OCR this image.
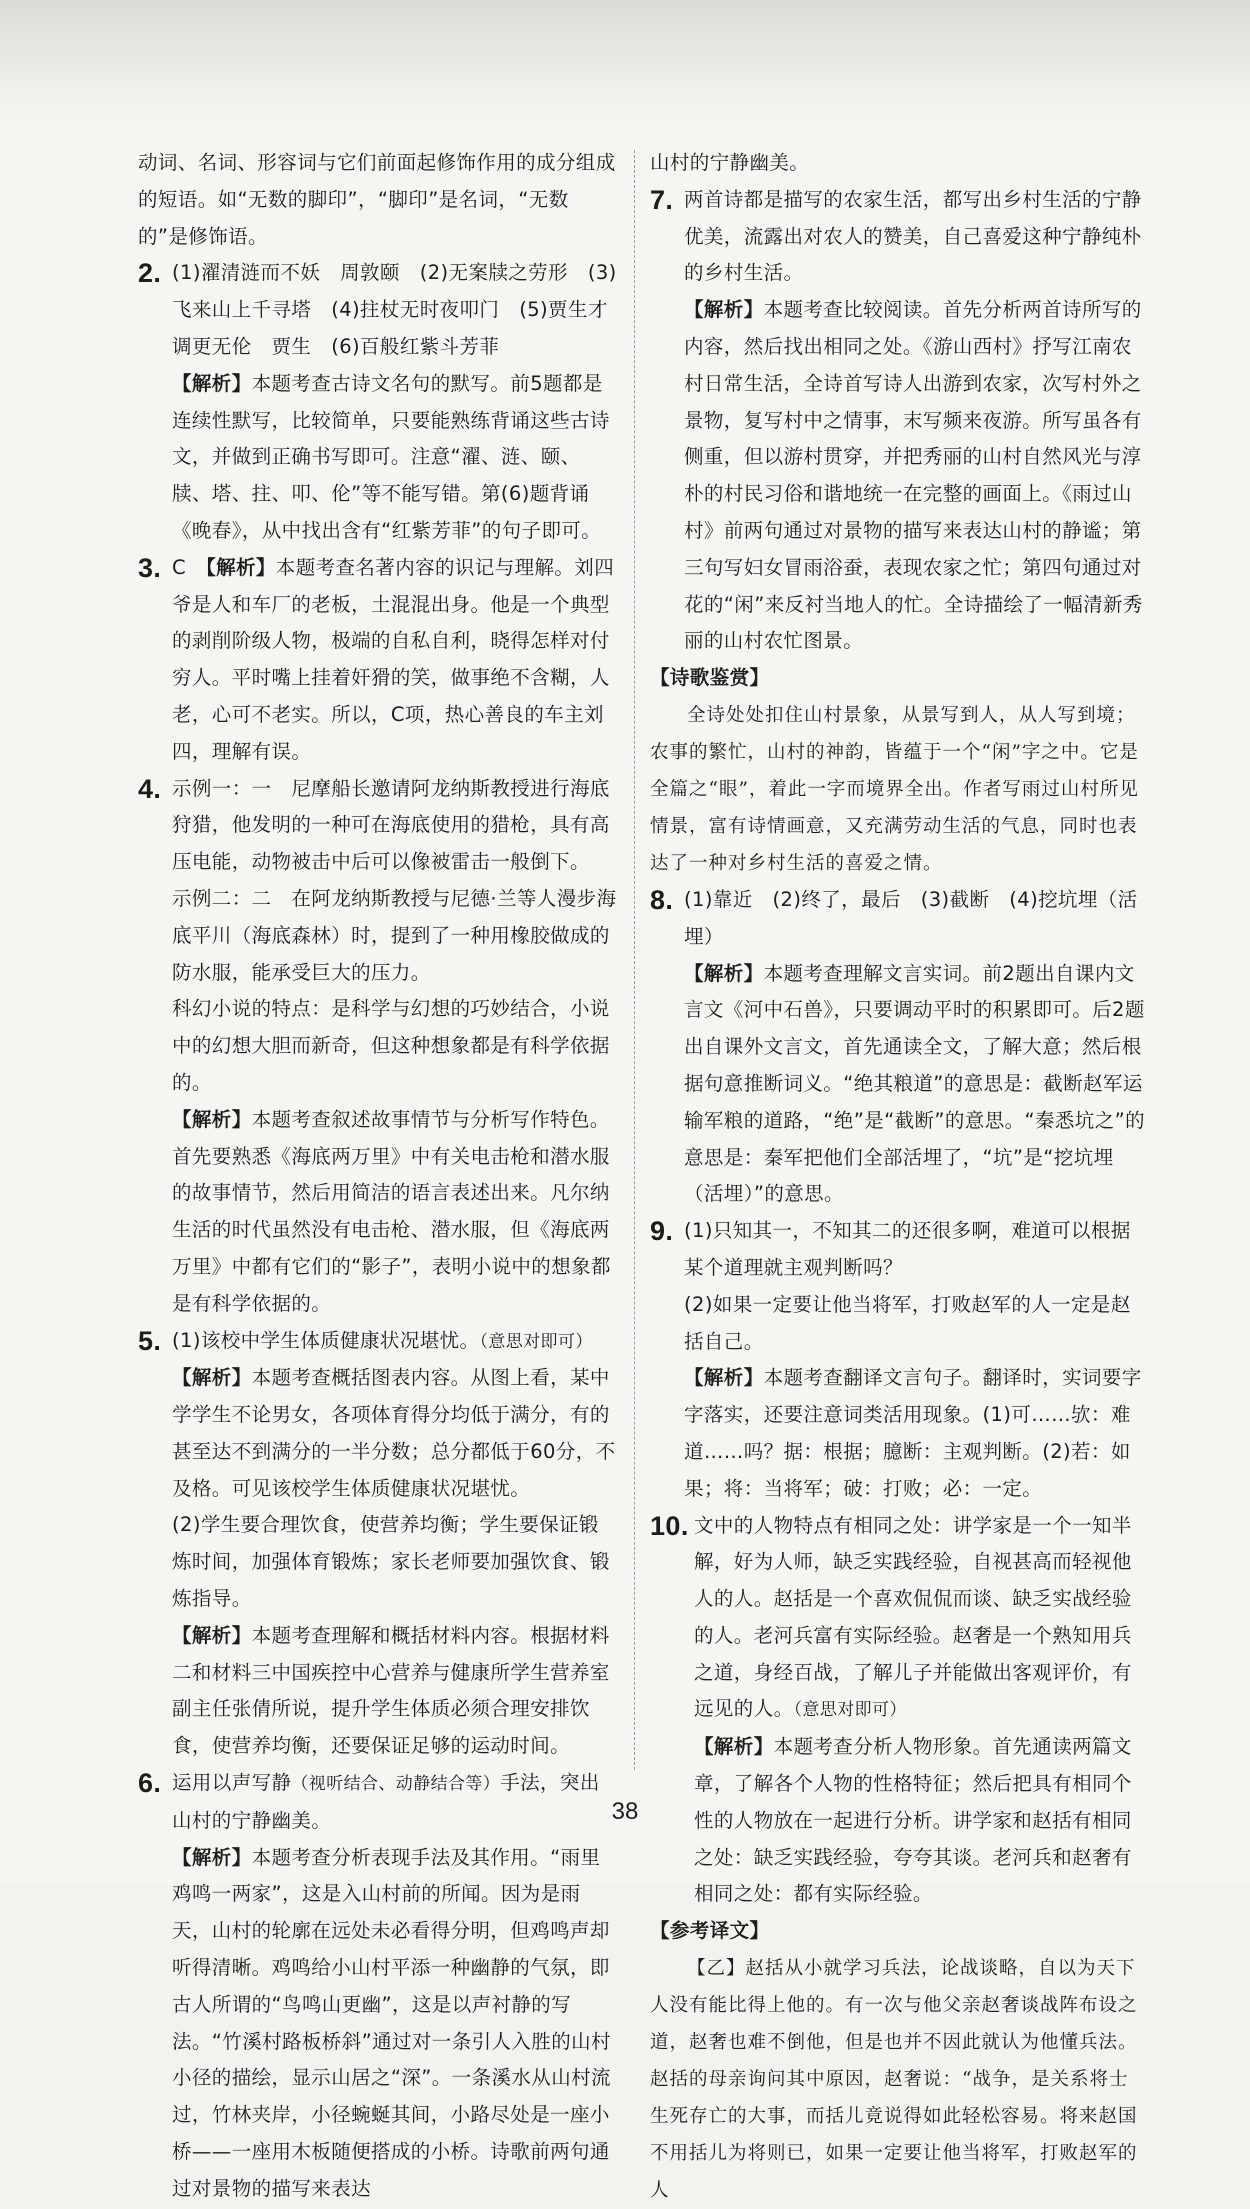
动词、名词、形容词与它们前面起修饰作用的成分组成的短语。如“无数的脚印”，“脚印”是名词，“无数的”是修饰语。
2. (1)濯清涟而不妖　周敦颐　(2)无案牍之劳形　(3)飞来山上千寻塔　(4)拄杖无时夜叩门　(5)贾生才调更无伦　贾生　(6)百般红紫斗芳菲
【解析】本题考查古诗文名句的默写。前5题都是连续性默写，比较简单，只要能熟练背诵这些古诗文，并做到正确书写即可。注意“濯、涟、颐、牍、塔、拄、叩、伦”等不能写错。第(6)题背诵《晚春》，从中找出含有“红紫芳菲”的句子即可。
3. C　 【解析】本题考查名著内容的识记与理解。刘四爷是人和车厂的老板，土混混出身。他是一个典型的剥削阶级人物，极端的自私自利，晓得怎样对付穷人。平时嘴上挂着奸猾的笑，做事绝不含糊，人老，心可不老实。所以，C项，热心善良的车主刘四，理解有误。
4. 示例一：一　尼摩船长邀请阿龙纳斯教授进行海底狩猎，他发明的一种可在海底使用的猎枪，具有高压电能，动物被击中后可以像被雷击一般倒下。
示例二：二　在阿龙纳斯教授与尼德·兰等人漫步海底平川（海底森林）时，提到了一种用橡胶做成的防水服，能承受巨大的压力。
科幻小说的特点：是科学与幻想的巧妙结合，小说中的幻想大胆而新奇，但这种想象都是有科学依据的。
【解析】本题考查叙述故事情节与分析写作特色。首先要熟悉《海底两万里》中有关电击枪和潜水服的故事情节，然后用简洁的语言表述出来。凡尔纳生活的时代虽然没有电击枪、潜水服，但《海底两万里》中都有它们的“影子”，表明小说中的想象都是有科学依据的。
5. (1)该校中学生体质健康状况堪忧。（意思对即可）
【解析】本题考查概括图表内容。从图上看，某中学学生不论男女，各项体育得分均低于满分，有的甚至达不到满分的一半分数；总分都低于60分，不及格。可见该校学生体质健康状况堪忧。
(2)学生要合理饮食，使营养均衡；学生要保证锻炼时间，加强体育锻炼；家长老师要加强饮食、锻炼指导。
【解析】本题考查理解和概括材料内容。根据材料二和材料三中国疾控中心营养与健康所学生营养室副主任张倩所说，提升学生体质必须合理安排饮食，使营养均衡，还要保证足够的运动时间。
6. 运用以声写静（视听结合、动静结合等）手法，突出山村的宁静幽美。
【解析】本题考查分析表现手法及其作用。“雨里鸡鸣一两家”，这是入山村前的所闻。因为是雨天，山村的轮廓在远处未必看得分明，但鸡鸣声却听得清晰。鸡鸣给小山村平添一种幽静的气氛，即古人所谓的“鸟鸣山更幽”，这是以声衬静的写法。“竹溪村路板桥斜”通过对一条引人入胜的山村小径的描绘，显示山居之“深”。一条溪水从山村流过，竹林夹岸，小径蜿蜒其间，小路尽处是一座小桥——一座用木板随便搭成的小桥。诗歌前两句通过对景物的描写来表达
山村的宁静幽美。
7. 两首诗都是描写的农家生活，都写出乡村生活的宁静优美，流露出对农人的赞美，自己喜爱这种宁静纯朴的乡村生活。
【解析】本题考查比较阅读。首先分析两首诗所写的内容，然后找出相同之处。《游山西村》抒写江南农村日常生活，全诗首写诗人出游到农家，次写村外之景物，复写村中之情事，末写频来夜游。所写虽各有侧重，但以游村贯穿，并把秀丽的山村自然风光与淳朴的村民习俗和谐地统一在完整的画面上。《雨过山村》前两句通过对景物的描写来表达山村的静谧；第三句写妇女冒雨浴蚕，表现农家之忙；第四句通过对花的“闲”来反衬当地人的忙。全诗描绘了一幅清新秀丽的山村农忙图景。
【诗歌鉴赏】
全诗处处扣住山村景象，从景写到人，从人写到境；农事的繁忙，山村的神韵，皆蕴于一个“闲”字之中。它是全篇之“眼”，着此一字而境界全出。作者写雨过山村所见情景，富有诗情画意，又充满劳动生活的气息，同时也表达了一种对乡村生活的喜爱之情。
8. (1)靠近　(2)终了，最后　(3)截断　(4)挖坑埋（活埋）
【解析】本题考查理解文言实词。前2题出自课内文言文《河中石兽》，只要调动平时的积累即可。后2题出自课外文言文，首先通读全文，了解大意；然后根据句意推断词义。“绝其粮道”的意思是：截断赵军运输军粮的道路，“绝”是“截断”的意思。“秦悉坑之”的意思是：秦军把他们全部活埋了，“坑”是“挖坑埋（活埋）”的意思。
9. (1)只知其一，不知其二的还很多啊，难道可以根据某个道理就主观判断吗？
(2)如果一定要让他当将军，打败赵军的人一定是赵括自己。
【解析】本题考查翻译文言句子。翻译时，实词要字字落实，还要注意词类活用现象。(1)可……欤：难道……吗？据：根据；臆断：主观判断。(2)若：如果；将：当将军；破：打败；必：一定。
10. 文中的人物特点有相同之处：讲学家是一个一知半解，好为人师，缺乏实践经验，自视甚高而轻视他人的人。赵括是一个喜欢侃侃而谈、缺乏实战经验的人。老河兵富有实际经验。赵奢是一个熟知用兵之道，身经百战，了解儿子并能做出客观评价，有远见的人。（意思对即可）
【解析】本题考查分析人物形象。首先通读两篇文章，了解各个人物的性格特征；然后把具有相同个性的人物放在一起进行分析。讲学家和赵括有相同之处：缺乏实践经验，夸夸其谈。老河兵和赵奢有相同之处：都有实际经验。
【参考译文】
【乙】赵括从小就学习兵法，论战谈略，自以为天下人没有能比得上他的。有一次与他父亲赵奢谈战阵布设之道，赵奢也难不倒他，但是也并不因此就认为他懂兵法。赵括的母亲询问其中原因，赵奢说：“战争，是关系将士生死存亡的大事，而括儿竟说得如此轻松容易。将来赵国不用括儿为将则已，如果一定要让他当将军，打败赵军的人
38
